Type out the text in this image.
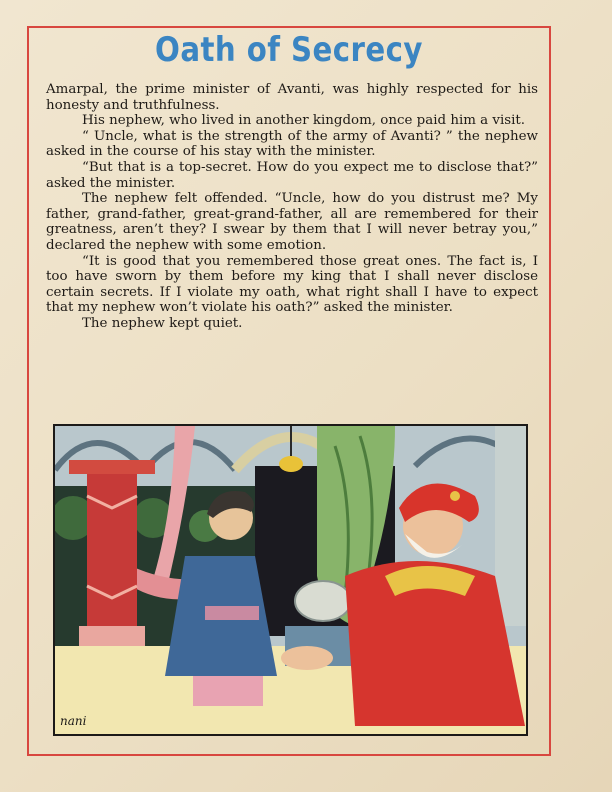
Oath of Secrecy

Amarpal, the prime minister of Avanti, was highly respected for his honesty and truthfulness.

His nephew, who lived in another kingdom, once paid him a visit.

“ Uncle, what is the strength of the army of Avanti? ” the nephew asked in the course of his stay with the minister.

“But that is a top-secret. How do you expect me to disclose that?” asked the minister.

The nephew felt offended. “Uncle, how do you distrust me? My father, grand-father, great-grand-father, all are remembered for their greatness, aren’t they? I swear by them that I will never betray you,” declared the nephew with some emotion.

“It is good that you remembered those great ones. The fact is, I too have sworn by them before my king that I shall never disclose certain secrets. If I violate my oath, what right shall I have to expect that my nephew won’t violate his oath?” asked the minister.

The nephew kept quiet.

nani
